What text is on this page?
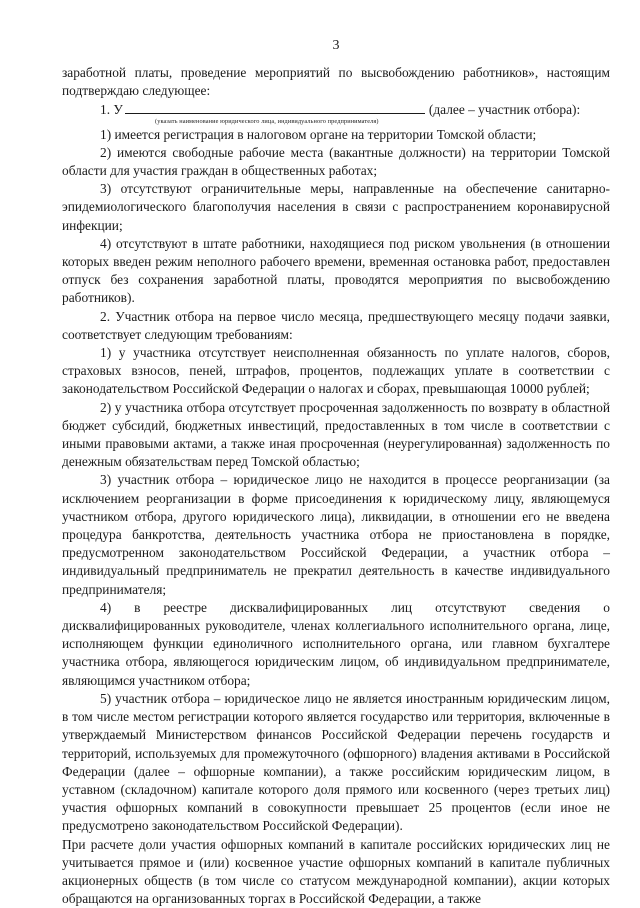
3

заработной платы, проведение мероприятий по высвобождению работников», настоящим подтверждаю следующее:

1. У	(далее – участник отбора):
(указать наименование юридического лица, индивидуального предпринимателя)

1) имеется регистрация в налоговом органе на территории Томской области;

2) имеются свободные рабочие места (вакантные должности) на территории Томской области для участия граждан в общественных работах;

3) отсутствуют ограничительные меры, направленные на обеспечение санитарно-эпидемиологического благополучия населения в связи с распространением коронавирусной инфекции;

4) отсутствуют в штате работники, находящиеся под риском увольнения (в отношении которых введен режим неполного рабочего времени, временная остановка работ, предоставлен отпуск без сохранения заработной платы, проводятся мероприятия по высвобождению работников).

2. Участник отбора на первое число месяца, предшествующего месяцу подачи заявки, соответствует следующим требованиям:

1) у участника отсутствует неисполненная обязанность по уплате налогов, сборов, страховых взносов, пеней, штрафов, процентов, подлежащих уплате в соответствии с законодательством Российской Федерации о налогах и сборах, превышающая 10000 рублей;

2) у участника отбора отсутствует просроченная задолженность по возврату в областной бюджет субсидий, бюджетных инвестиций, предоставленных в том числе в соответствии с иными правовыми актами, а также иная просроченная (неурегулированная) задолженность по денежным обязательствам перед Томской областью;

3) участник отбора – юридическое лицо не находится в процессе реорганизации (за исключением реорганизации в форме присоединения к юридическому лицу, являющемуся участником отбора, другого юридического лица), ликвидации, в отношении его не введена процедура банкротства, деятельность участника отбора не приостановлена в порядке, предусмотренном законодательством Российской Федерации, а участник отбора – индивидуальный предприниматель не прекратил деятельность в качестве индивидуального предпринимателя;

4) в реестре дисквалифицированных лиц отсутствуют сведения о дисквалифицированных руководителе, членах коллегиального исполнительного органа, лице, исполняющем функции единоличного исполнительного органа, или главном бухгалтере участника отбора, являющегося юридическим лицом, об индивидуальном предпринимателе, являющимся участником отбора;

5) участник отбора – юридическое лицо не является иностранным юридическим лицом, в том числе местом регистрации которого является государство или территория, включенные в утверждаемый Министерством финансов Российской Федерации перечень государств и территорий, используемых для промежуточного (офшорного) владения активами в Российской Федерации (далее – офшорные компании), а также российским юридическим лицом, в уставном (складочном) капитале которого доля прямого или косвенного (через третьих лиц) участия офшорных компаний в совокупности превышает 25 процентов (если иное не предусмотрено законодательством Российской Федерации).

При расчете доли участия офшорных компаний в капитале российских юридических лиц не учитывается прямое и (или) косвенное участие офшорных компаний в капитале публичных акционерных обществ (в том числе со статусом международной компании), акции которых обращаются на организованных торгах в Российской Федерации, а также
